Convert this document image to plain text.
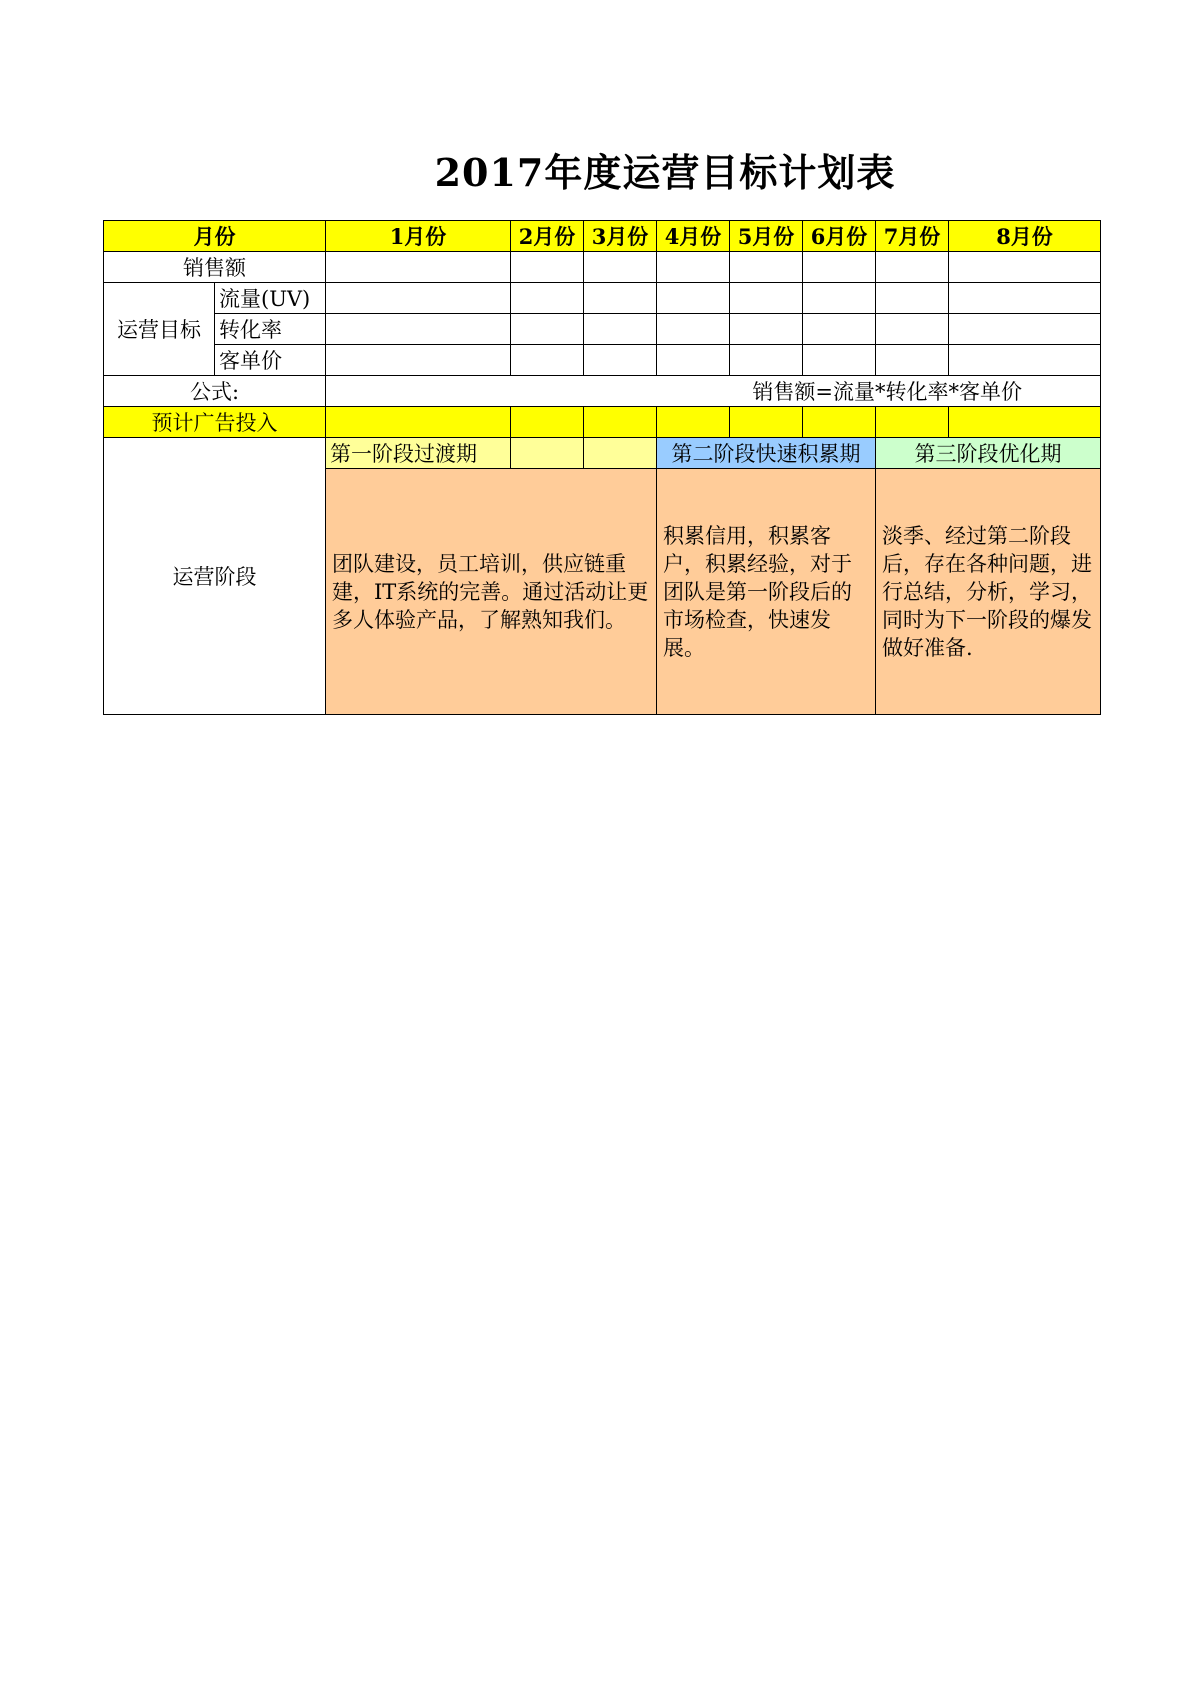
2017年度运营目标计划表
月份		1月份	2月份	3月份	4月份	5月份	6月份	7月份	8月份
销售额									
运营目标	流量(UV)								
	转化率								
	客单价								
公式:		销售额=流量*转化率*客单价							
预计广告投入									
运营阶段		第一阶段过渡期			第二阶段快速积累期			第三阶段优化期	
		团队建设，员工培训，供应链重建，IT系统的完善。通过活动让更多人体验产品，了解熟知我们。			积累信用，积累客户，积累经验，对于团队是第一阶段后的市场检查，快速发展。			淡季、经过第二阶段后，存在各种问题，进行总结，分析，学习，同时为下一阶段的爆发做好准备.	
